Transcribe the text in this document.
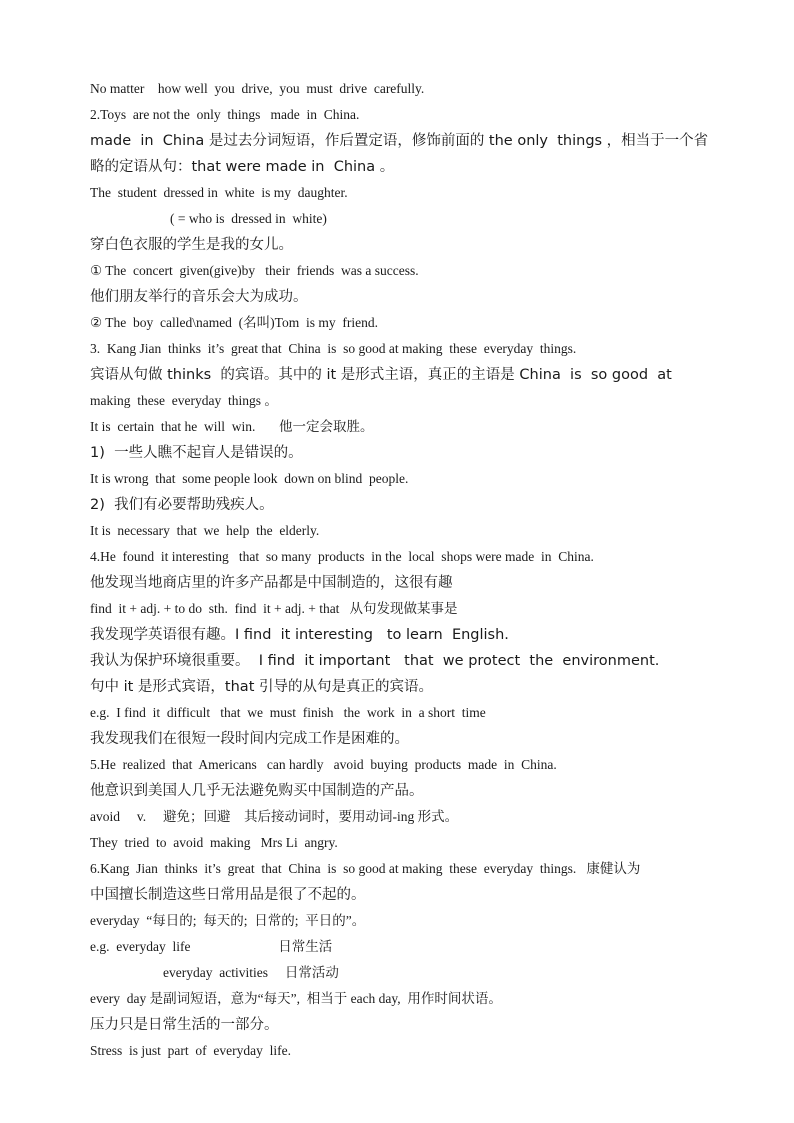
No matter    how well  you  drive,  you  must  drive  carefully.
2.Toys  are not the  only  things   made  in  China.
made  in  China 是过去分词短语，作后置定语，修饰前面的 the only  things ，相当于一个省
略的定语从句：that were made in  China 。
The  student  dressed in  white  is my  daughter.
( = who is  dressed in  white)
穿白色衣服的学生是我的女儿。
① The  concert  given(give)by   their  friends  was a success.
他们朋友举行的音乐会大为成功。
② The  boy  called\named  (名叫)Tom  is my  friend.
3.  Kang Jian  thinks  it’s  great that  China  is  so good at making  these  everyday  things.
宾语从句做 thinks  的宾语。其中的 it 是形式主语，真正的主语是 China  is  so good  at
making  these  everyday  things 。
It is  certain  that he  will  win.       他一定会取胜。
1)  一些人瞧不起盲人是错误的。
It is wrong  that  some people look  down on blind  people.
2)  我们有必要帮助残疾人。
It is  necessary  that  we  help  the  elderly.
4.He  found  it interesting   that  so many  products  in the  local  shops were made  in  China.
他发现当地商店里的许多产品都是中国制造的，这很有趣
find  it + adj. + to do  sth.  find  it + adj. + that   从句发现做某事是
我发现学英语很有趣。I find  it interesting   to learn  English.
我认为保护环境很重要。  I find  it important   that  we protect  the  environment.
句中 it 是形式宾语，that 引导的从句是真正的宾语。
e.g.  I find  it  difficult   that  we  must  finish   the  work  in  a short  time
我发现我们在很短一段时间内完成工作是困难的。
5.He  realized  that  Americans   can hardly   avoid  buying  products  made  in  China.
他意识到美国人几乎无法避免购买中国制造的产品。
avoid     v.     避免；回避    其后接动词时，要用动词-ing 形式。
They  tried  to  avoid  making   Mrs Li  angry.
6.Kang  Jian  thinks  it’s  great  that  China  is  so good at making  these  everyday  things.   康健认为
中国擅长制造这些日常用品是很了不起的。
everyday  “每日的;  每天的;  日常的;  平日的”。
e.g.  everyday  life                          日常生活
everyday  activities     日常活动
every  day 是副词短语，意为“每天”,  相当于 each day,  用作时间状语。
压力只是日常生活的一部分。
Stress  is just  part  of  everyday  life.
